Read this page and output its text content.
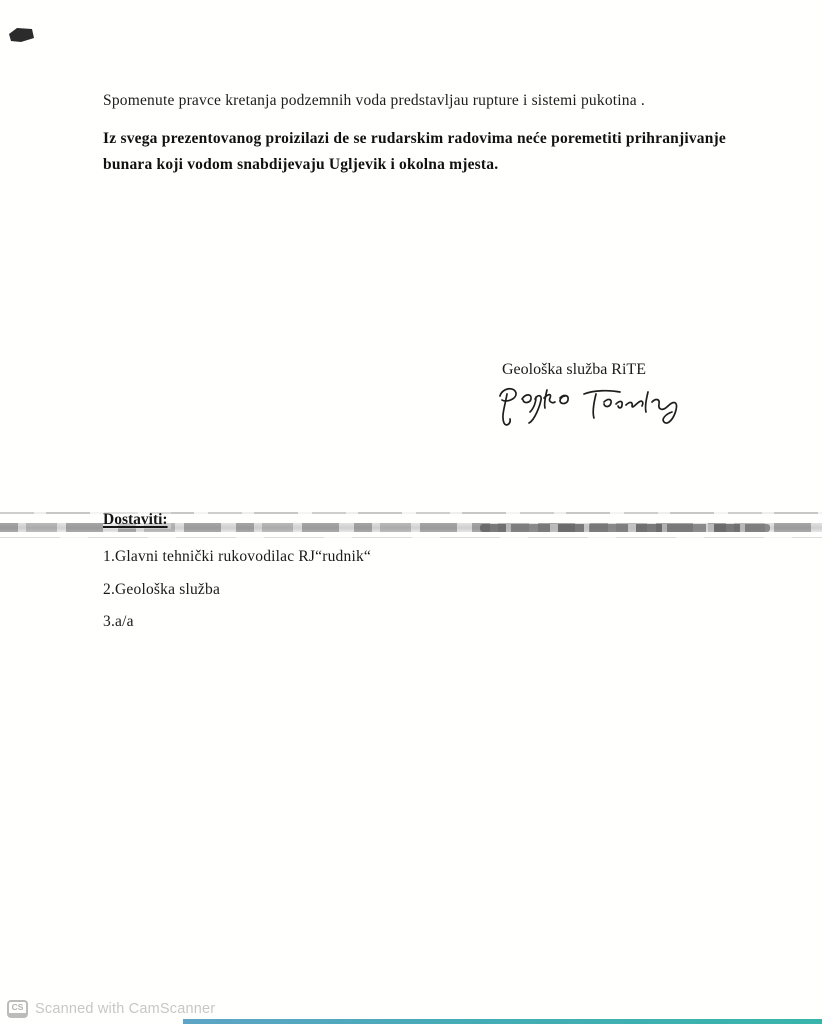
Spomenute pravce kretanja podzemnih voda predstavljau rupture i sistemi pukotina .
Iz svega prezentovanog proizilazi de se rudarskim radovima neće poremetiti prihranjivanje bunara koji vodom snabdijevaju Ugljevik i okolna mjesta.
Geološka služba RiTE
Dostaviti:
1.Glavni tehnički rukovodilac RJ“rudnik“
2.Geološka služba
3.a/a
CS Scanned with CamScanner
